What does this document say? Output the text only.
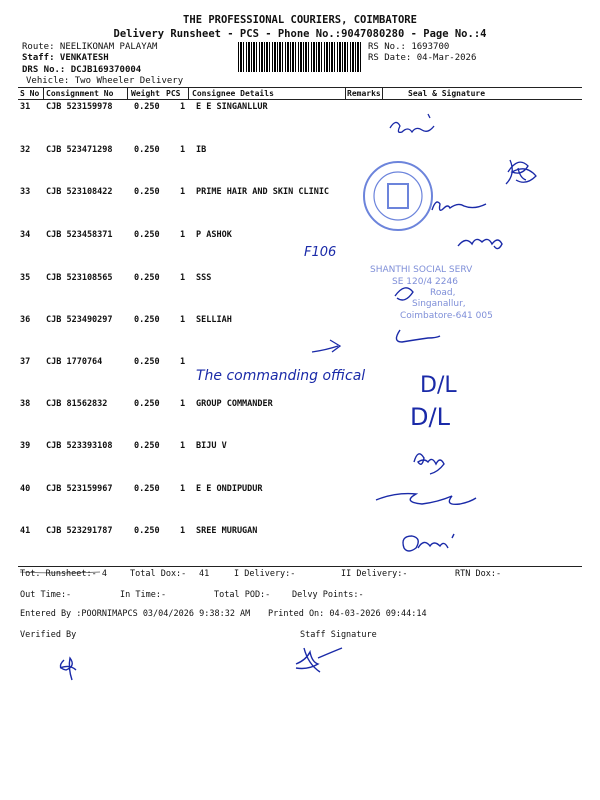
THE PROFESSIONAL COURIERS, COIMBATORE
Delivery Runsheet - PCS - Phone No.:9047080280 - Page No.:4
Route: NEELIKONAM PALAYAM
Staff: VENKATESH
DRS No.: DCJB169370004
Vehicle: Two Wheeler Delivery
RS No.: 1693700
RS Date: 04-Mar-2026
S No Consignment No Weight PCS Consignee Details	Remarks	Seal & Signature
31 CJB 523159978	0.250 1 E E SINGANLLUR
32 CJB 523471298	0.250 1 IB
33 CJB 523108422	0.250 1 PRIME HAIR AND SKIN CLINIC
34 CJB 523458371	0.250 1 P ASHOK
35 CJB 523108565	0.250 1 SSS
36 CJB 523490297	0.250 1 SELLIAH
37 CJB 1770764	0.250 1
38 CJB 81562832	0.250 1 GROUP COMMANDER
39 CJB 523393108	0.250 1 BIJU V
40 CJB 523159967	0.250 1 E E ONDIPUDUR
41 CJB 523291787	0.250 1 SREE MURUGAN
F106
SHANTHI SOCIAL SERV
SE 120/4 2246
Road,
Singanallur,
Coimbatore-641 005
The commanding offical D/L
D/L
Tot. Runsheet:- 4	Total Dox:- 41	I Delivery:-	II Delivery:-	RTN Dox:-
Out Time:-	In Time:-	Total POD:-	Delvy Points:-
Entered By :POORNIMAPCS 03/04/2026 9:38:32 AM Printed On: 04-03-2026 09:44:14
Verified By	Staff Signature
